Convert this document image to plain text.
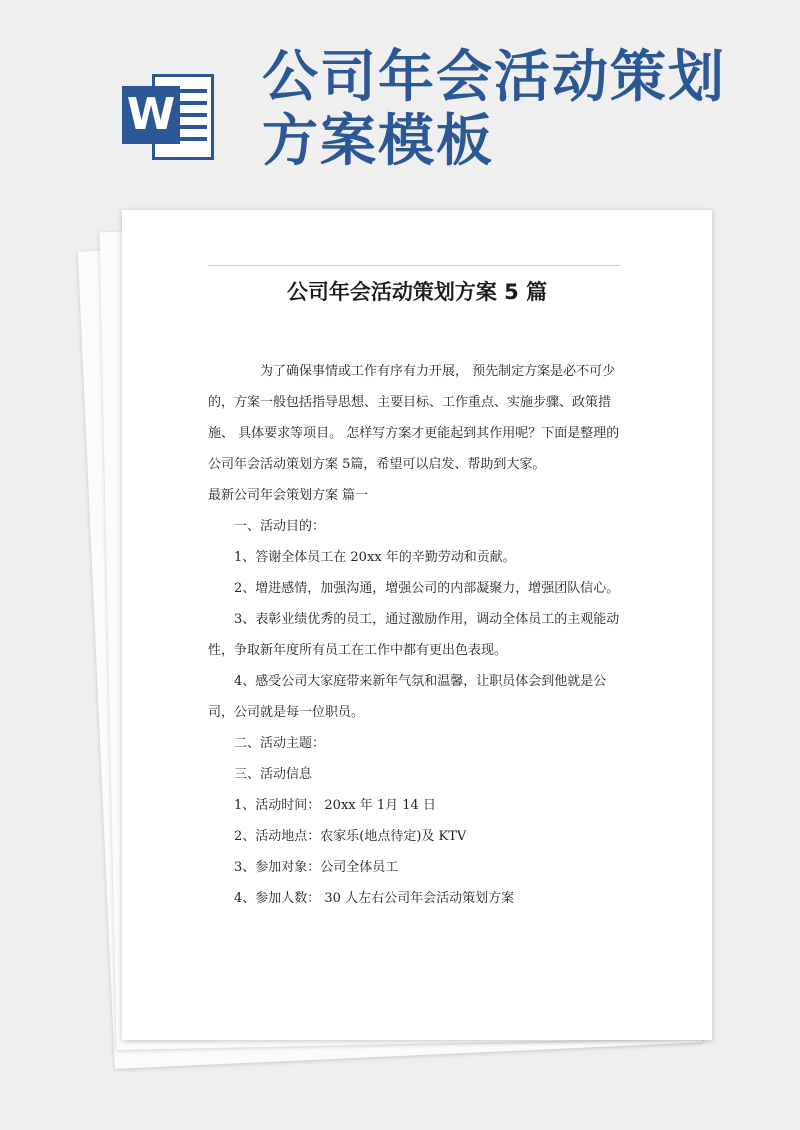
W
公司年会活动策划方案模板
公司年会活动策划方案 5 篇

为了确保事情或工作有序有力开展， 预先制定方案是必不可少的，方案一般包括指导思想、主要目标、工作重点、实施步骤、政策措施、 具体要求等项目。 怎样写方案才更能起到其作用呢？下面是整理的公司年会活动策划方案 5篇，希望可以启发、帮助到大家。

最新公司年会策划方案 篇一

一、活动目的：

1、答谢全体员工在 20xx 年的辛勤劳动和贡献。

2、增进感情，加强沟通，增强公司的内部凝聚力，增强团队信心。

3、表彰业绩优秀的员工，通过激励作用，调动全体员工的主观能动性，争取新年度所有员工在工作中都有更出色表现。

4、感受公司大家庭带来新年气氛和温馨，让职员体会到他就是公司，公司就是每一位职员。

二、活动主题：

三、活动信息

1、活动时间： 20xx 年 1月 14 日

2、活动地点：农家乐(地点待定)及 KTV

3、参加对象：公司全体员工

4、参加人数： 30 人左右公司年会活动策划方案
